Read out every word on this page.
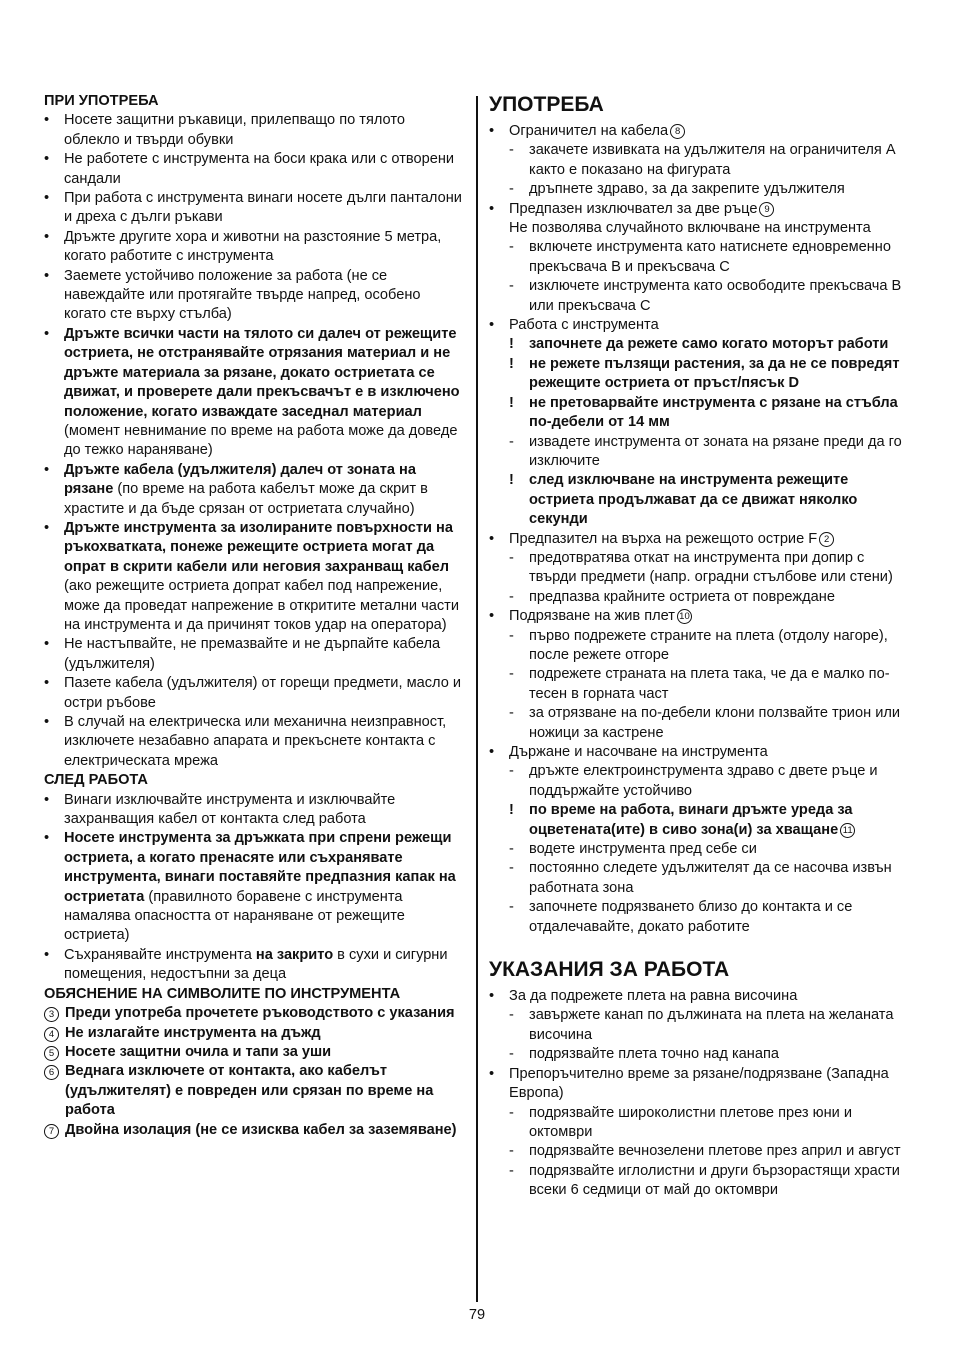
ПРИ УПОТРЕБА

• Носете защитни ръкавици, прилепващо по тялото облекло и твърди обувки

• Не работете с инструмента на боси крака или с отворени сандали

• При работа с инструмента винаги носете дълги панталони и дреха с дълги ръкави

• Дръжте другите хора и животни на разстояние 5 метра, когато работите с инструмента

• Заемете устойчиво положение за работа (не се навеждайте или протягайте твърде напред, особено когато сте върху стълба)

• Дръжте всички части на тялото си далеч от режещите остриета, не отстранявайте отрязания материал и не дръжте материала за рязане, докато остриетата се движат, и проверете дали прекъсвачът е в изключено положение, когато изваждате заседнал материал (момент невнимание по време на работа може да доведе до тежко нараняване)

• Дръжте кабела (удължителя) далеч от зоната на рязане (по време на работа кабелът може да скрит в храстите и да бъде срязан от остриетата случайно)

• Дръжте инструмента за изолираните повърхности на ръкохватката, понеже режещите остриета могат да опрат в скрити кабели или неговия захранващ кабел (ако режещите остриета допрат кабел под напрежение, може да проведат напрежение в откритите метални части на инструмента и да причинят токов удар на оператора)

• Не настъпвайте, не премазвайте и не дърпайте кабела (удължителя)

• Пазете кабела (удължителя) от горещи предмети, масло и остри ръбове

• В случай на електрическа или механична неизправност, изключете незабавно апарата и прекъснете контакта с електрическата мрежа

СЛЕД РАБОТА

• Винаги изключвайте инструмента и изключвайте захранващия кабел от контакта след работа

• Носете инструмента за дръжката при спрени режещи остриета, а когато пренасяте или съхранявате инструмента, винаги поставяйте предпазния капак на остриетата (правилното боравене с инструмента намалява опасността от нараняване от режещите остриета)

• Съхранявайте инструмента на закрито в сухи и сигурни помещения, недостъпни за деца

ОБЯСНЕНИЕ НА СИМВОЛИТЕ ПО ИНСТРУМЕНТА

3 Преди употреба прочетете ръководството с указания

4 Не излагайте инструмента на дъжд

5 Носете защитни очила и тапи за уши

6 Веднага изключете от контакта, ако кабелът (удължителят) е повреден или срязан по време на работа

7 Двойна изолация (не се изисква кабел за заземяване)

УПОТРЕБА

• Ограничител на кабела 8

- закачете извивката на удължителя на ограничителя A както е показано на фигурата

- дръпнете здраво, за да закрепите удължителя

• Предпазен изключвател за две ръце 9

Не позволява случайното включване на инструмента

- включете инструмента като натиснете едновременно прекъсвача B и прекъсвача C

- изключете инструмента като освободите прекъсвача B или прекъсвача C

• Работа с инструмента

! започнете да режете само когато моторът работи

! не режете пълзящи растения, за да не се повредят режещите остриета от пръст/пясък D

! не претоварвайте инструмента с рязане на стъбла по-дебели от 14 мм

- извадете инструмента от зоната на рязане преди да го изключите

! след изключване на инструмента режещите остриета продължават да се движат няколко секунди

• Предпазител на върха на режещото острие F 2

- предотвратява откат на инструмента при допир с твърди предмети (напр. оградни стълбове или стени)

- предпазва крайните остриета от повреждане

• Подрязване на жив плет 10

- първо подрежете страните на плета (отдолу нагоре), после режете отгоре

- подрежете страната на плета така, че да е малко по-тесен в горната част

- за отрязване на по-дебели клони ползвайте трион или ножици за кастрене

• Държане и насочване на инструмента

- дръжте електроинструмента здраво с двете ръце и поддържайте устойчиво

! по време на работа, винаги дръжте уреда за оцветената(ите) в сиво зона(и) за хващане 11

- водете инструмента пред себе си

- постоянно следете удължителят да се насочва извън работната зона

- започнете подрязването близо до контакта и се отдалечавайте, докато работите

УКАЗАНИЯ ЗА РАБОТА

• За да подрежете плета на равна височина

- завържете канап по дължината на плета на желаната височина

- подрязвайте плета точно над канапа

• Препоръчително време за рязане/подрязване (Западна Европа)

- подрязвайте широколистни плетове през юни и октомври

- подрязвайте вечнозелени плетове през април и август

- подрязвайте иглолистни и други бързорастящи храсти всеки 6 седмици от май до октомври

79
